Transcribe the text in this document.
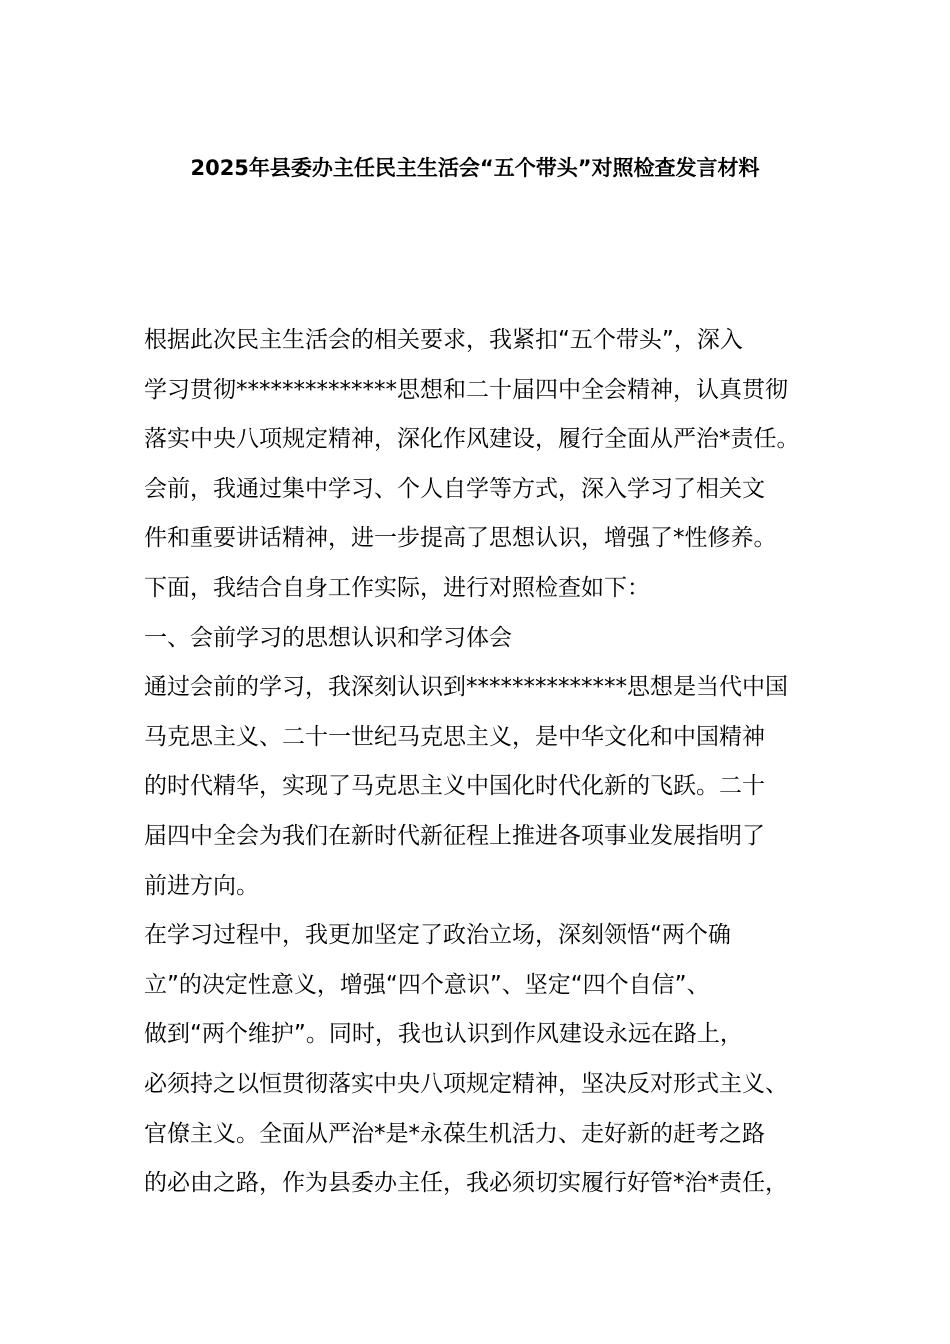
2025年县委办主任民主生活会“五个带头”对照检查发言材料
根据此次民主生活会的相关要求，我紧扣“五个带头”，深入
学习贯彻**************思想和二十届四中全会精神，认真贯彻
落实中央八项规定精神，深化作风建设，履行全面从严治*责任。
会前，我通过集中学习、个人自学等方式，深入学习了相关文
件和重要讲话精神，进一步提高了思想认识，增强了*性修养。
下面，我结合自身工作实际，进行对照检查如下：
一、会前学习的思想认识和学习体会
通过会前的学习，我深刻认识到**************思想是当代中国
马克思主义、二十一世纪马克思主义，是中华文化和中国精神
的时代精华，实现了马克思主义中国化时代化新的飞跃。二十
届四中全会为我们在新时代新征程上推进各项事业发展指明了
前进方向。
在学习过程中，我更加坚定了政治立场，深刻领悟“两个确
立”的决定性意义，增强“四个意识”、坚定“四个自信”、
做到“两个维护”。同时，我也认识到作风建设永远在路上，
必须持之以恒贯彻落实中央八项规定精神，坚决反对形式主义、
官僚主义。全面从严治*是*永葆生机活力、走好新的赶考之路
的必由之路，作为县委办主任，我必须切实履行好管*治*责任，
